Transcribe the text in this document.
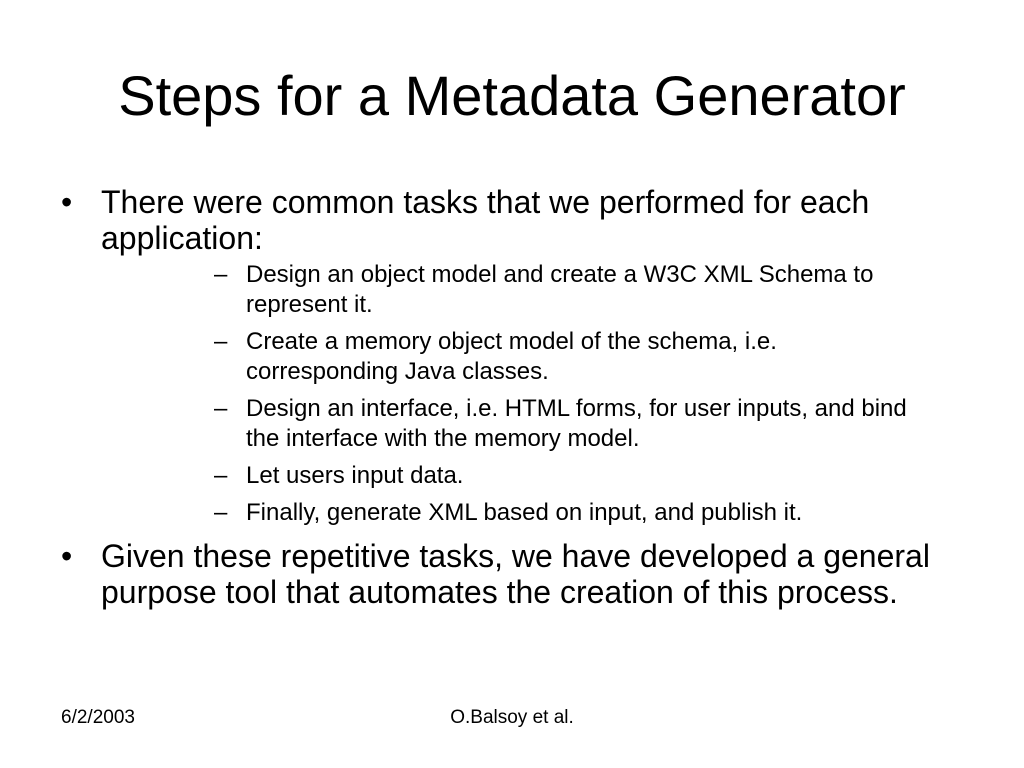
Steps for a Metadata Generator
• There were common tasks that we performed for each application:
– Design an object model and create a W3C XML Schema to represent it.
– Create a memory object model of the schema, i.e. corresponding Java classes.
– Design an interface, i.e. HTML forms, for user inputs, and bind the interface with the memory model.
– Let users input data.
– Finally, generate XML based on input, and publish it.
• Given these repetitive tasks, we have developed a general purpose tool that automates the creation of this process.
6/2/2003	O.Balsoy et al.
